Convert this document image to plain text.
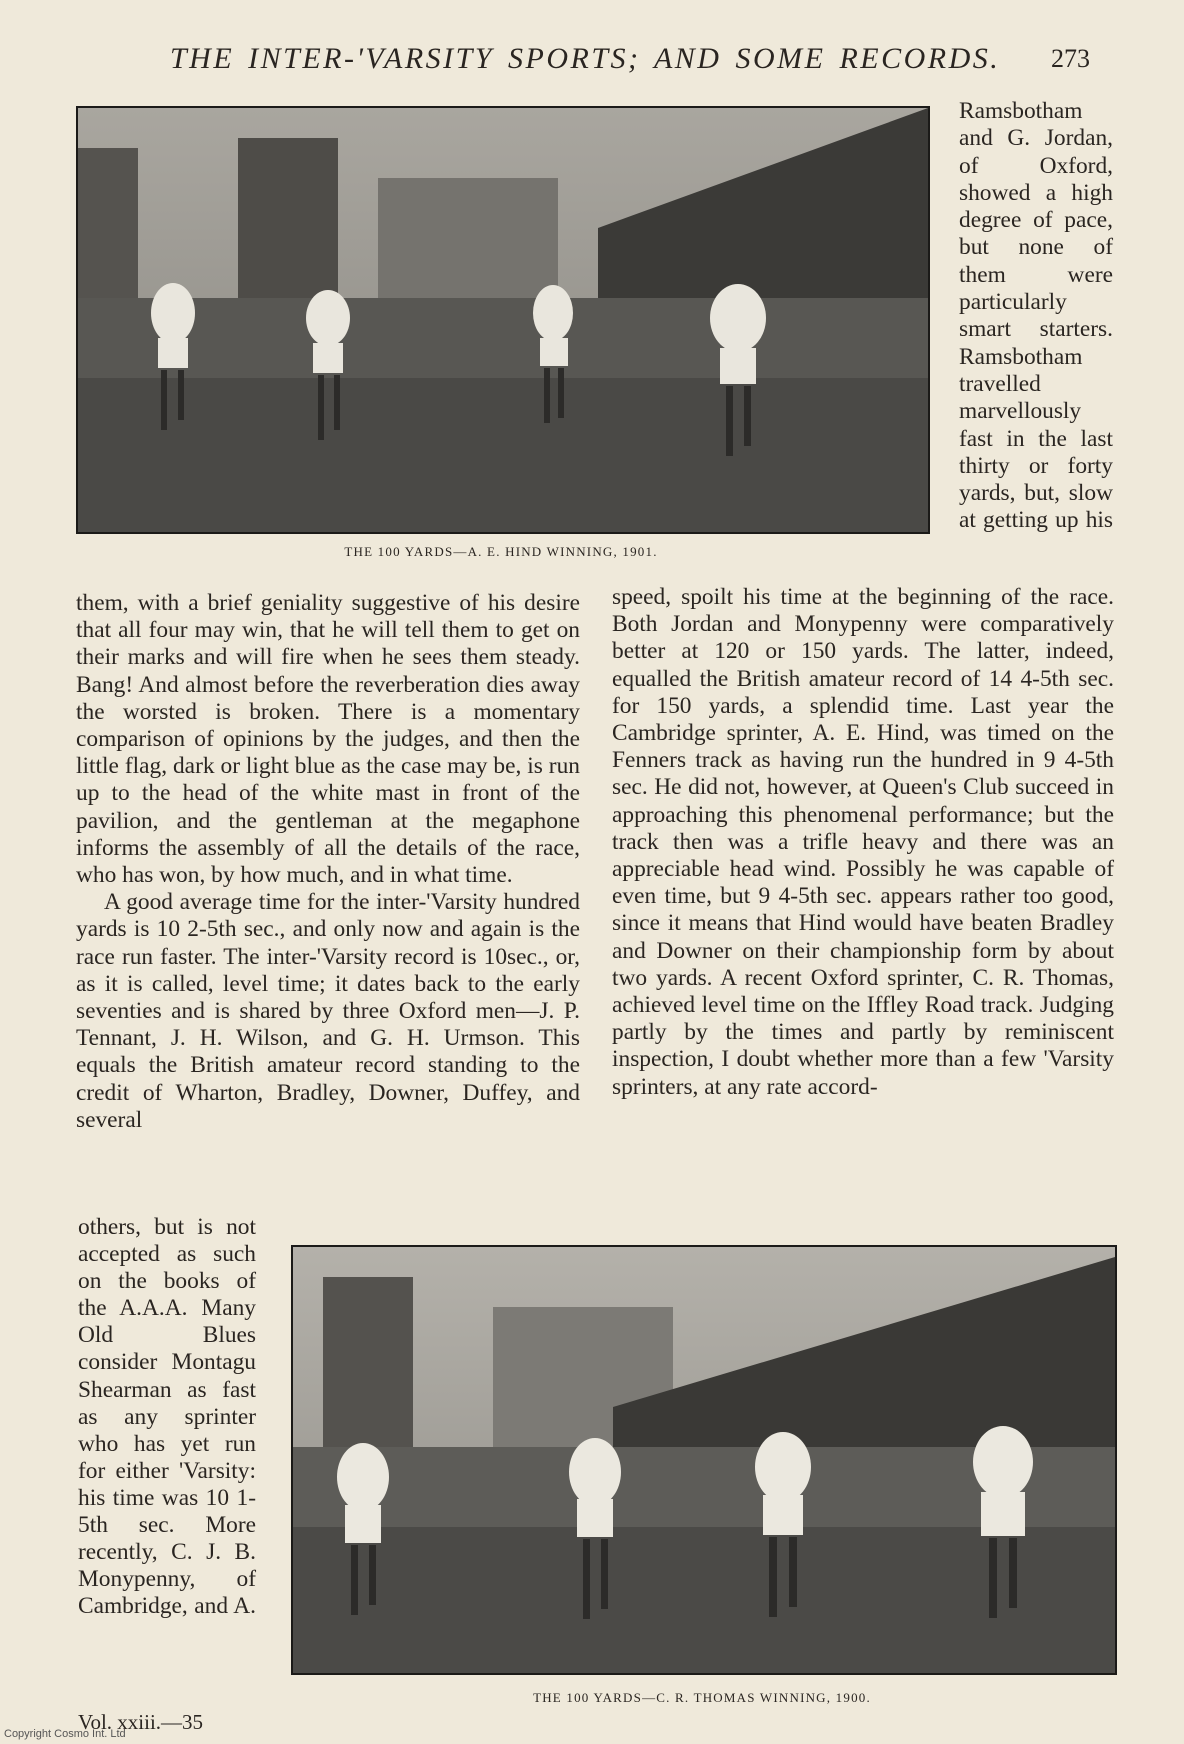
THE INTER-'VARSITY SPORTS; AND SOME RECORDS. 273
THE 100 YARDS—A. E. HIND WINNING, 1901.
Ramsbotham and G. Jordan, of Oxford, showed a high degree of pace, but none of them were particularly smart starters. Ramsbotham travelled marvellously fast in the last thirty or forty yards, but, slow at getting up his

them, with a brief geniality suggestive of his desire that all four may win, that he will tell them to get on their marks and will fire when he sees them steady. Bang! And almost before the reverberation dies away the worsted is broken. There is a momentary comparison of opinions by the judges, and then the little flag, dark or light blue as the case may be, is run up to the head of the white mast in front of the pavilion, and the gentleman at the megaphone informs the assembly of all the details of the race, who has won, by how much, and in what time.

A good average time for the inter-'Varsity hundred yards is 10 2-5th sec., and only now and again is the race run faster. The inter-'Varsity record is 10sec., or, as it is called, level time; it dates back to the early seventies and is shared by three Oxford men—J. P. Tennant, J. H. Wilson, and G. H. Urmson. This equals the British amateur record standing to the credit of Wharton, Bradley, Downer, Duffey, and several

speed, spoilt his time at the beginning of the race. Both Jordan and Monypenny were comparatively better at 120 or 150 yards. The latter, indeed, equalled the British amateur record of 14 4-5th sec. for 150 yards, a splendid time. Last year the Cambridge sprinter, A. E. Hind, was timed on the Fenners track as having run the hundred in 9 4-5th sec. He did not, however, at Queen's Club succeed in approaching this phenomenal performance; but the track then was a trifle heavy and there was an appreciable head wind. Possibly he was capable of even time, but 9 4-5th sec. appears rather too good, since it means that Hind would have beaten Bradley and Downer on their championship form by about two yards. A recent Oxford sprinter, C. R. Thomas, achieved level time on the Iffley Road track. Judging partly by the times and partly by reminiscent inspection, I doubt whether more than a few 'Varsity sprinters, at any rate accord-
others, but is not accepted as such on the books of the A.A.A. Many Old Blues consider Montagu Shearman as fast as any sprinter who has yet run for either 'Varsity: his time was 10 1-5th sec. More recently, C. J. B. Monypenny, of Cambridge, and A.
THE 100 YARDS—C. R. THOMAS WINNING, 1900.
Vol. xxiii.—35
Copyright Cosmo Int. Ltd
